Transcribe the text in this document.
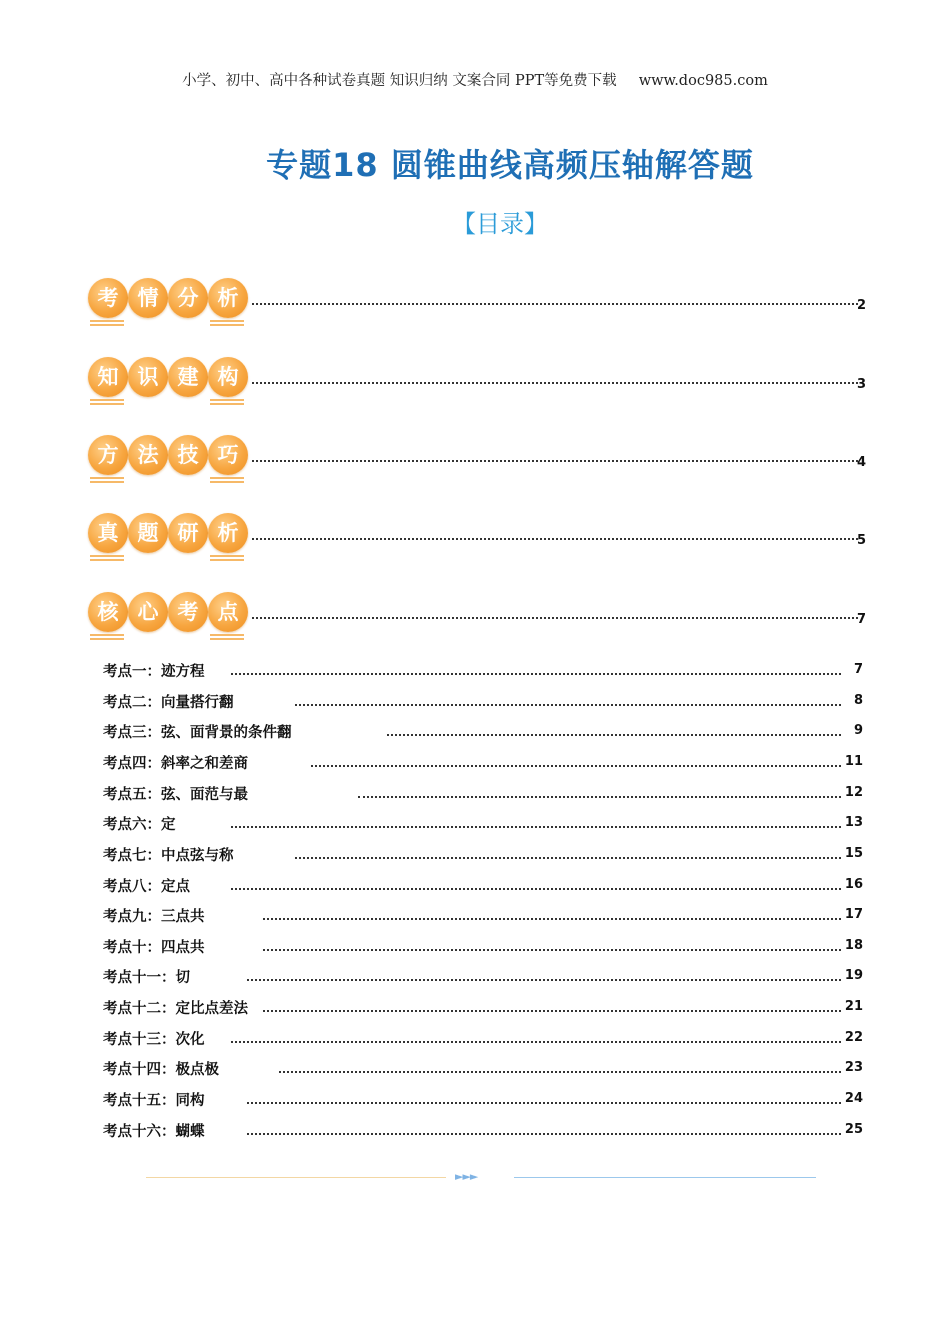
小学、初中、高中各种试卷真题 知识归纳 文案合同 PPT等免费下载 www.doc985.com
专题18 圆锥曲线高频压轴解答题
【目录】
考 情 分 析	2
知 识 建 构	3
方 法 技 巧	4
真 题 研 析	5
核 心 考 点	7
考点一：迹方程	7
考点二：向量搭行翻	8
考点三：弦、面背景的条件翻	9
考点四：斜率之和差商	11
考点五：弦、面范与最	12
考点六：定	13
考点七：中点弦与称	15
考点八：定点	16
考点九：三点共	17
考点十：四点共	18
考点十一：切	19
考点十二：定比点差法	21
考点十三：次化	22
考点十四：极点极	23
考点十五：同构	24
考点十六：蝴蝶	25
►►►
